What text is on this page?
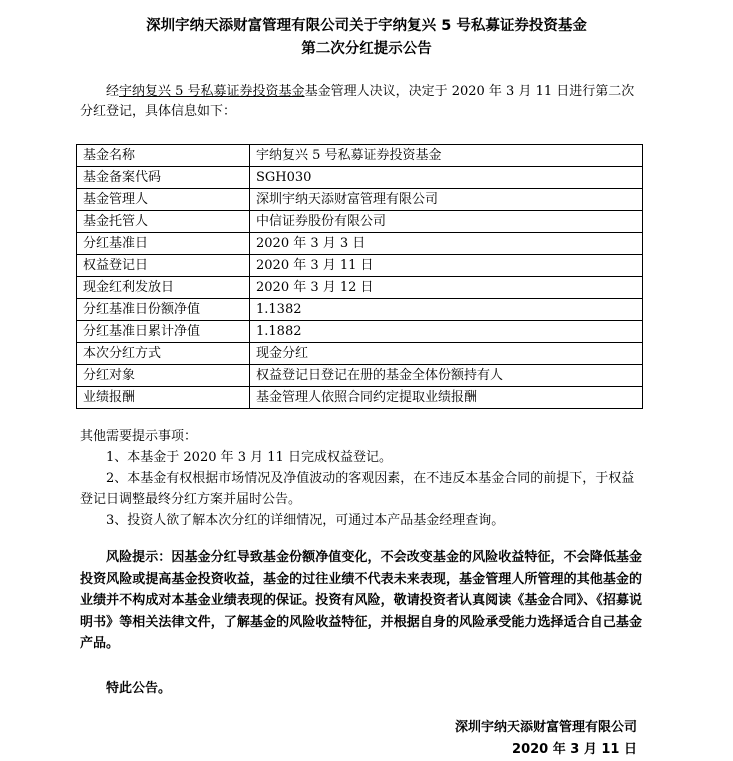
深圳宇纳天添财富管理有限公司关于宇纳复兴 5 号私募证券投资基金
第二次分红提示公告
经宇纳复兴 5 号私募证券投资基金基金管理人决议，决定于 2020 年 3 月 11 日进行第二次分红登记，具体信息如下：
基金名称	宇纳复兴 5 号私募证券投资基金
基金备案代码	SGH030
基金管理人	深圳宇纳天添财富管理有限公司
基金托管人	中信证券股份有限公司
分红基准日	2020 年 3 月 3 日
权益登记日	2020 年 3 月 11 日
现金红利发放日	2020 年 3 月 12 日
分红基准日份额净值	1.1382
分红基准日累计净值	1.1882
本次分红方式	现金分红
分红对象	权益登记日登记在册的基金全体份额持有人
业绩报酬	基金管理人依照合同约定提取业绩报酬

其他需要提示事项：

1、本基金于 2020 年 3 月 11 日完成权益登记。

2、本基金有权根据市场情况及净值波动的客观因素，在不违反本基金合同的前提下，于权益登记日调整最终分红方案并届时公告。

3、投资人欲了解本次分红的详细情况，可通过本产品基金经理查询。

风险提示：因基金分红导致基金份额净值变化，不会改变基金的风险收益特征，不会降低基金投资风险或提高基金投资收益，基金的过往业绩不代表未来表现，基金管理人所管理的其他基金的业绩并不构成对本基金业绩表现的保证。投资有风险，敬请投资者认真阅读《基金合同》、《招募说明书》等相关法律文件，了解基金的风险收益特征，并根据自身的风险承受能力选择适合自己基金产品。
特此公告。
深圳宇纳天添财富管理有限公司
2020 年 3 月 11 日
